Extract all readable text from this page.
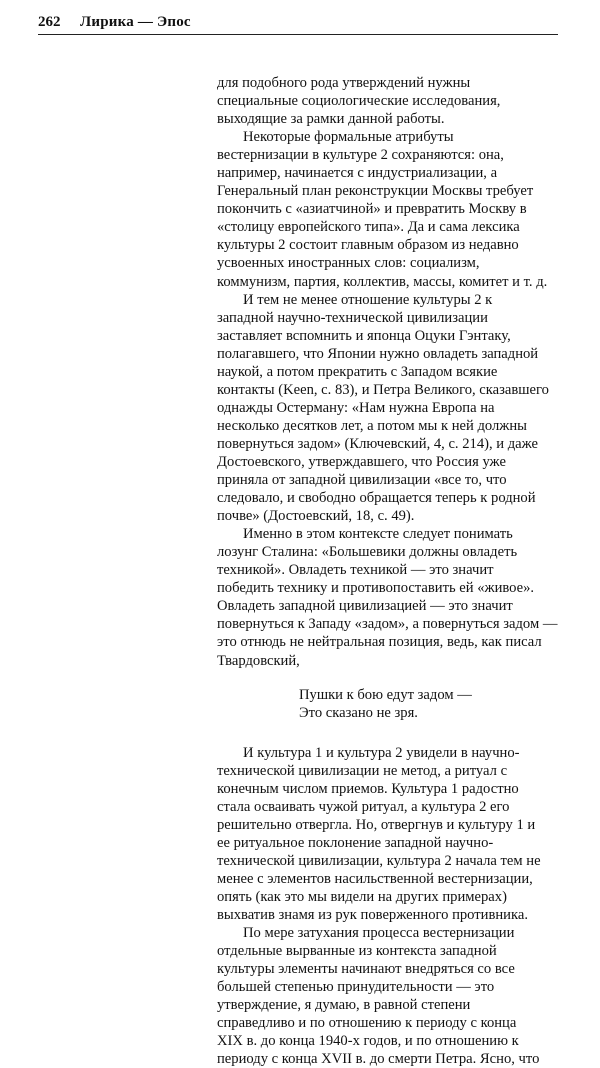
262 Лирика — Эпос
для подобного рода утверждений нужны
специальные социологические исследования,
выходящие за рамки данной работы.
Некоторые формальные атрибуты
вестернизации в культуре 2 сохраняются: она,
например, начинается с индустриализации, а
Генеральный план реконструкции Москвы требует
покончить с «азиатчиной» и превратить Москву в
«столицу европейского типа». Да и сама лексика
культуры 2 состоит главным образом из недавно
усвоенных иностранных слов: социализм,
коммунизм, партия, коллектив, массы, комитет и т. д.
И тем не менее отношение культуры 2 к
западной научно-технической цивилизации
заставляет вспомнить и японца Оцуки Гэнтаку,
полагавшего, что Японии нужно овладеть западной
наукой, а потом прекратить с Западом всякие
контакты (Keen, с. 83), и Петра Великого, сказавшего
однажды Остерману: «Нам нужна Европа на
несколько десятков лет, а потом мы к ней должны
повернуться задом» (Ключевский, 4, с. 214), и даже
Достоевского, утверждавшего, что Россия уже
приняла от западной цивилизации «все то, что
следовало, и свободно обращается теперь к родной
почве» (Достоевский, 18, с. 49).
Именно в этом контексте следует понимать
лозунг Сталина: «Большевики должны овладеть
техникой». Овладеть техникой — это значит
победить технику и противопоставить ей «живое».
Овладеть западной цивилизацией — это значит
повернуться к Западу «задом», а повернуться задом —
это отнюдь не нейтральная позиция, ведь, как писал
Твардовский,
Пушки к бою едут задом —
Это сказано не зря.
И культура 1 и культура 2 увидели в научно-
технической цивилизации не метод, а ритуал с
конечным числом приемов. Культура 1 радостно
стала осваивать чужой ритуал, а культура 2 его
решительно отвергла. Но, отвергнув и культуру 1 и
ее ритуальное поклонение западной научно-
технической цивилизации, культура 2 начала тем не
менее с элементов насильственной вестернизации,
опять (как это мы видели на других примерах)
выхватив знамя из рук поверженного противника.
По мере затухания процесса вестернизации
отдельные вырванные из контекста западной
культуры элементы начинают внедряться со все
большей степенью принудительности — это
утверждение, я думаю, в равной степени
справедливо и по отношению к периоду с конца
XIX в. до конца 1940-х годов, и по отношению к
периоду с конца XVII в. до смерти Петра. Ясно, что
